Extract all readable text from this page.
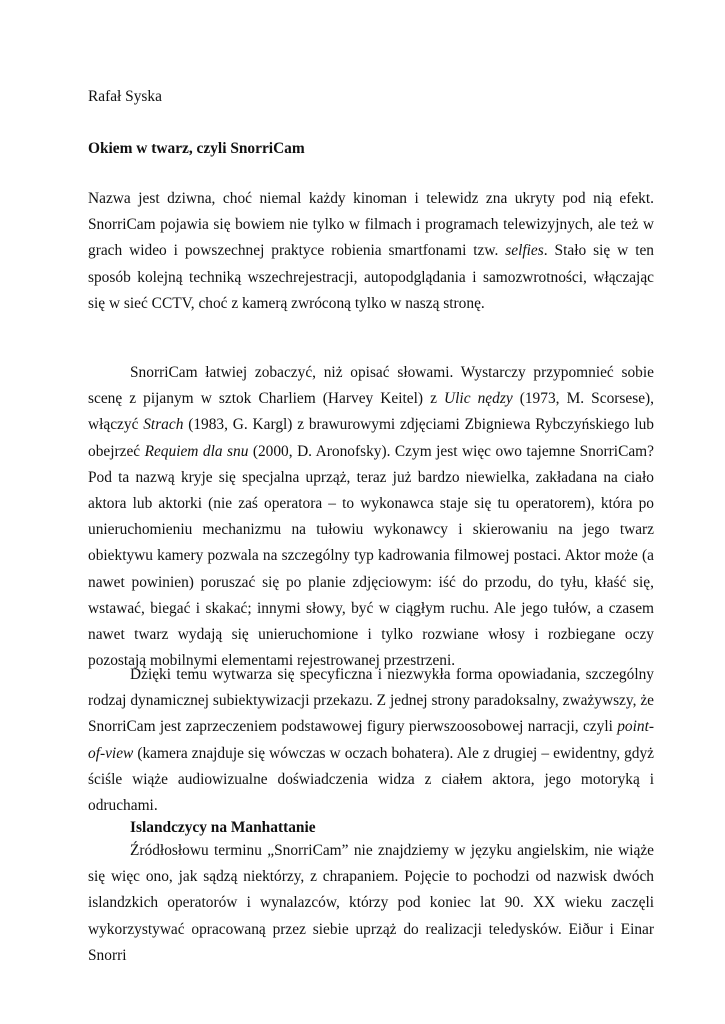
Rafał Syska

Okiem w twarz, czyli SnorriCam

Nazwa jest dziwna, choć niemal każdy kinoman i telewidz zna ukryty pod nią efekt. SnorriCam pojawia się bowiem nie tylko w filmach i programach telewizyjnych, ale też w grach wideo i powszechnej praktyce robienia smartfonami tzw. selfies. Stało się w ten sposób kolejną techniką wszechrejestracji, autopodglądania i samozwrotności, włączając się w sieć CCTV, choć z kamerą zwróconą tylko w naszą stronę.

SnorriCam łatwiej zobaczyć, niż opisać słowami. Wystarczy przypomnieć sobie scenę z pijanym w sztok Charliem (Harvey Keitel) z Ulic nędzy (1973, M. Scorsese), włączyć Strach (1983, G. Kargl) z brawurowymi zdjęciami Zbigniewa Rybczyńskiego lub obejrzeć Requiem dla snu (2000, D. Aronofsky). Czym jest więc owo tajemne SnorriCam? Pod ta nazwą kryje się specjalna uprząż, teraz już bardzo niewielka, zakładana na ciało aktora lub aktorki (nie zaś operatora – to wykonawca staje się tu operatorem), która po unieruchomieniu mechanizmu na tułowiu wykonawcy i skierowaniu na jego twarz obiektywu kamery pozwala na szczególny typ kadrowania filmowej postaci. Aktor może (a nawet powinien) poruszać się po planie zdjęciowym: iść do przodu, do tyłu, kłaść się, wstawać, biegać i skakać; innymi słowy, być w ciągłym ruchu. Ale jego tułów, a czasem nawet twarz wydają się unieruchomione i tylko rozwiane włosy i rozbiegane oczy pozostają mobilnymi elementami rejestrowanej przestrzeni.

Dzięki temu wytwarza się specyficzna i niezwykła forma opowiadania, szczególny rodzaj dynamicznej subiektywizacji przekazu. Z jednej strony paradoksalny, zważywszy, że SnorriCam jest zaprzeczeniem podstawowej figury pierwszoosobowej narracji, czyli point-of-view (kamera znajduje się wówczas w oczach bohatera). Ale z drugiej – ewidentny, gdyż ściśle wiąże audiowizualne doświadczenia widza z ciałem aktora, jego motoryką i odruchami.

Islandczycy na Manhattanie

Źródłosłowu terminu „SnorriCam” nie znajdziemy w języku angielskim, nie wiąże się więc ono, jak sądzą niektórzy, z chrapaniem. Pojęcie to pochodzi od nazwisk dwóch islandzkich operatorów i wynalazców, którzy pod koniec lat 90. XX wieku zaczęli wykorzystywać opracowaną przez siebie uprząż do realizacji teledysków. Eiður i Einar Snorri
